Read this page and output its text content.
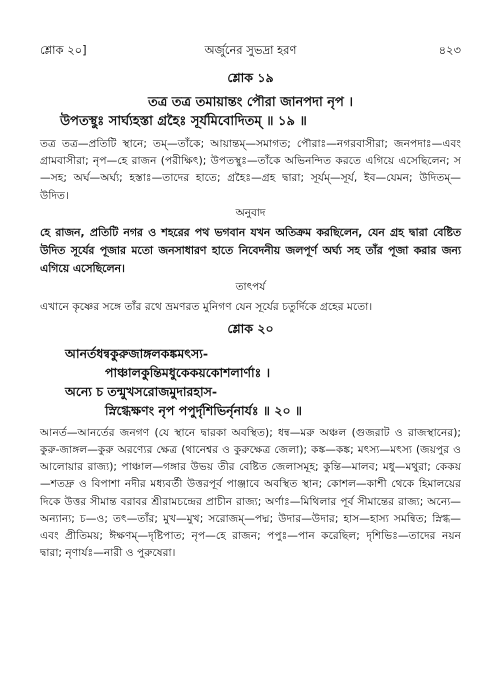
শ্লোক ২০]	অর্জুনের সুভদ্রা হরণ	৪২৩
শ্লোক ১৯
তত্র তত্র তমায়ান্তং পৌরা জানপদা নৃপ ।
উপতস্থুঃ সার্ঘ্যহস্তা গ্রহৈঃ সূর্যমিবোদিতম্ ॥ ১৯ ॥
তত্র তত্র—প্রতিটি স্থানে; তম্—তাঁকে; আয়ান্তম্—সমাগত; পৌরাঃ—নগরবাসীরা; জনপদাঃ—এবং গ্রামবাসীরা; নৃপ—হে রাজন (পরীক্ষিৎ); উপতস্থুঃ—তাঁকে অভিনন্দিত করতে এগিয়ে এসেছিলেন; স—সহ; অর্ঘ—অর্ঘ্য; হস্তাঃ—তাদের হাতে; গ্রহৈঃ—গ্রহ দ্বারা; সূর্যম্—সূর্য, ইব—যেমন; উদিতম্—উদিত।
অনুবাদ
হে রাজন, প্রতিটি নগর ও শহরের পথ ভগবান যখন অতিক্রম করছিলেন, যেন গ্রহ দ্বারা বেষ্টিত উদিত সূর্যের পূজার মতো জনসাধারণ হাতে নিবেদনীয় জলপূর্ণ অর্ঘ্য সহ তাঁর পূজা করার জন্য এগিয়ে এসেছিলেন।
তাৎপর্য
এখানে কৃষ্ণের সঙ্গে তাঁর রথে ভ্রমণরত মুনিগণ যেন সূর্যের চতুর্দিকে গ্রহের মতো।
শ্লোক ২০
আনর্তধন্বকুরুজাঙ্গলকঙ্কমৎস্য-
পাঞ্চালকুন্তিমধুকেকয়কোশলার্ণাঃ ।
অন্যে চ তন্মুখসরোজমুদারহাস-
স্নিগ্ধেক্ষণং নৃপ পপুর্দৃশিভির্নৃনার্যঃ ॥ ২০ ॥
আনর্ত—আনর্তের জনগণ (যে স্থানে দ্বারকা অবস্থিত); ধন্ব—মরু অঞ্চল (গুজরাট ও রাজস্থানের); কুরু-জাঙ্গল—কুরু অরণ্যের ক্ষেত্র (থানেশ্বর ও কুরুক্ষেত্র জেলা); কঙ্ক—কঙ্ক; মৎস্য—মৎস্য (জয়পুর ও আলোয়ার রাজ্য); পাঞ্চাল—গঙ্গার উভয় তীর বেষ্টিত জেলাসমূহ; কুন্তি—মালব; মধু—মথুরা; কেকয়—শতদ্রু ও বিপাশা নদীর মধ্যবর্তী উত্তরপূর্ব পাঞ্জাবে অবস্থিত স্থান; কোশল—কাশী থেকে হিমালয়ের দিকে উত্তর সীমান্ত বরাবর শ্রীরামচন্দ্রের প্রাচীন রাজ্য; অর্ণাঃ—মিথিলার পূর্ব সীমান্তের রাজ্য; অন্যে—অন্যান্য; চ—ও; তৎ—তাঁর; মুখ—মুখ; সরোজম্—পদ্ম; উদার—উদার; হাস—হাস্য সমন্বিত; স্নিগ্ধ—এবং প্রীতিময়; ঈক্ষণম্—দৃষ্টিপাত; নৃপ—হে রাজন; পপুঃ—পান করেছিল; দৃশিভিঃ—তাদের নয়ন দ্বারা; নৃণার্যঃ—নারী ও পুরুষেরা।
